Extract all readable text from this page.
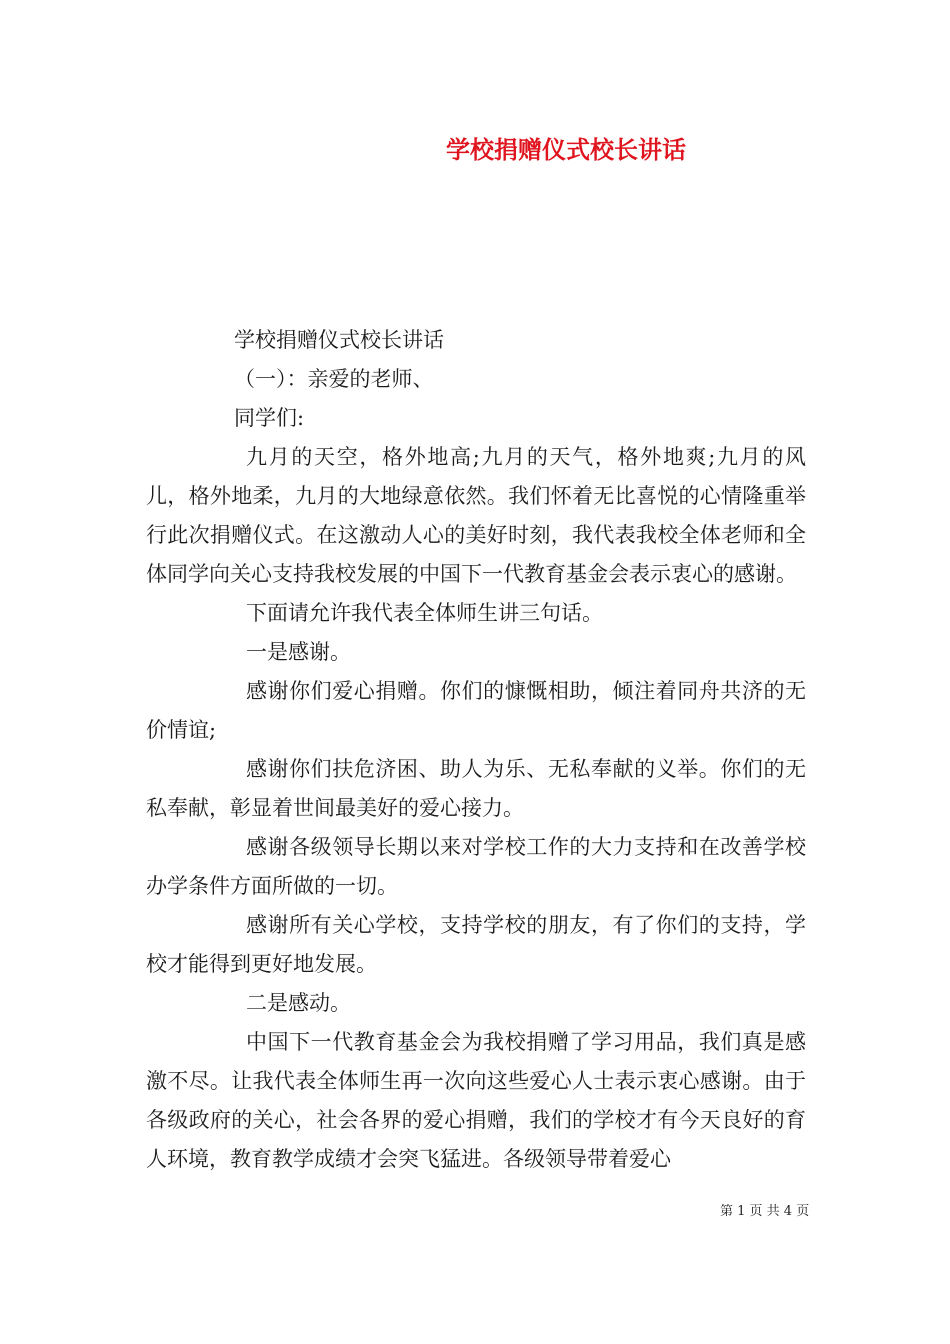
学校捐赠仪式校长讲话

学校捐赠仪式校长讲话

（一）：亲爱的老师、

同学们:

九月的天空，格外地高;九月的天气，格外地爽;九月的风儿，格外地柔，九月的大地绿意依然。我们怀着无比喜悦的心情隆重举行此次捐赠仪式。在这激动人心的美好时刻，我代表我校全体老师和全体同学向关心支持我校发展的中国下一代教育基金会表示衷心的感谢。

下面请允许我代表全体师生讲三句话。

一是感谢。

感谢你们爱心捐赠。你们的慷慨相助，倾注着同舟共济的无价情谊;

感谢你们扶危济困、助人为乐、无私奉献的义举。你们的无私奉献，彰显着世间最美好的爱心接力。

感谢各级领导长期以来对学校工作的大力支持和在改善学校办学条件方面所做的一切。

感谢所有关心学校，支持学校的朋友，有了你们的支持，学校才能得到更好地发展。

二是感动。

中国下一代教育基金会为我校捐赠了学习用品，我们真是感激不尽。让我代表全体师生再一次向这些爱心人士表示衷心感谢。由于各级政府的关心，社会各界的爱心捐赠，我们的学校才有今天良好的育人环境，教育教学成绩才会突飞猛进。各级领导带着爱心

第 1 页 共 4 页
